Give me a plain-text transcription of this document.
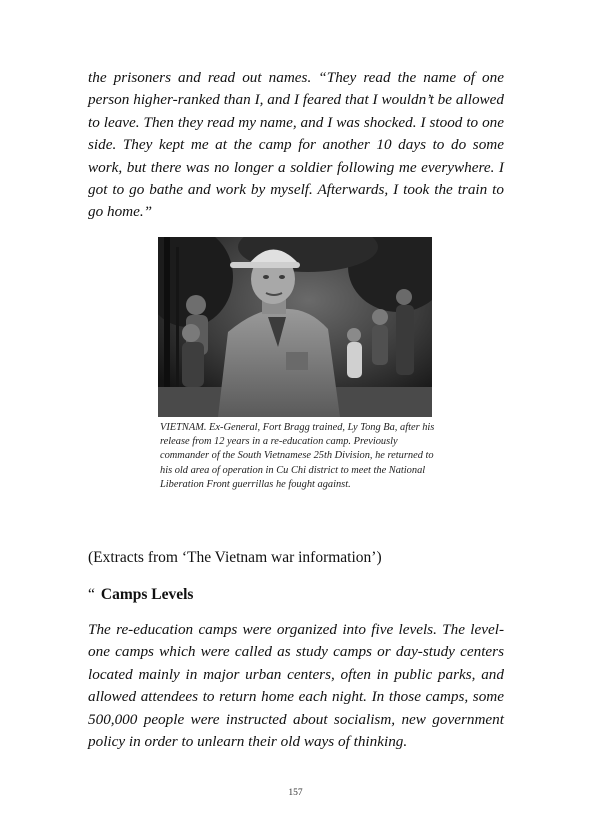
the prisoners and read out names. “They read the name of one person higher-ranked than I, and I feared that I wouldn’t be allowed to leave. Then they read my name, and I was shocked. I stood to one side. They kept me at the camp for another 10 days to do some work, but there was no longer a soldier following me everywhere. I got to go bathe and work by myself. Afterwards, I took the train to go home.”

VIETNAM. Ex-General, Fort Bragg trained, Ly Tong Ba, after his release from 12 years in a re-education camp. Previously commander of the South Vietnamese 25th Division, he returned to his old area of operation in Cu Chi district to meet the National Liberation Front guerrillas he fought against.

(Extracts from ‘The Vietnam war information’)

“ Camps Levels

The re-education camps were organized into five levels. The level-one camps which were called as study camps or day-study centers located mainly in major urban centers, often in public parks, and allowed attendees to return home each night. In those camps, some 500,000 people were instructed about socialism, new government policy in order to unlearn their old ways of thinking.

157
